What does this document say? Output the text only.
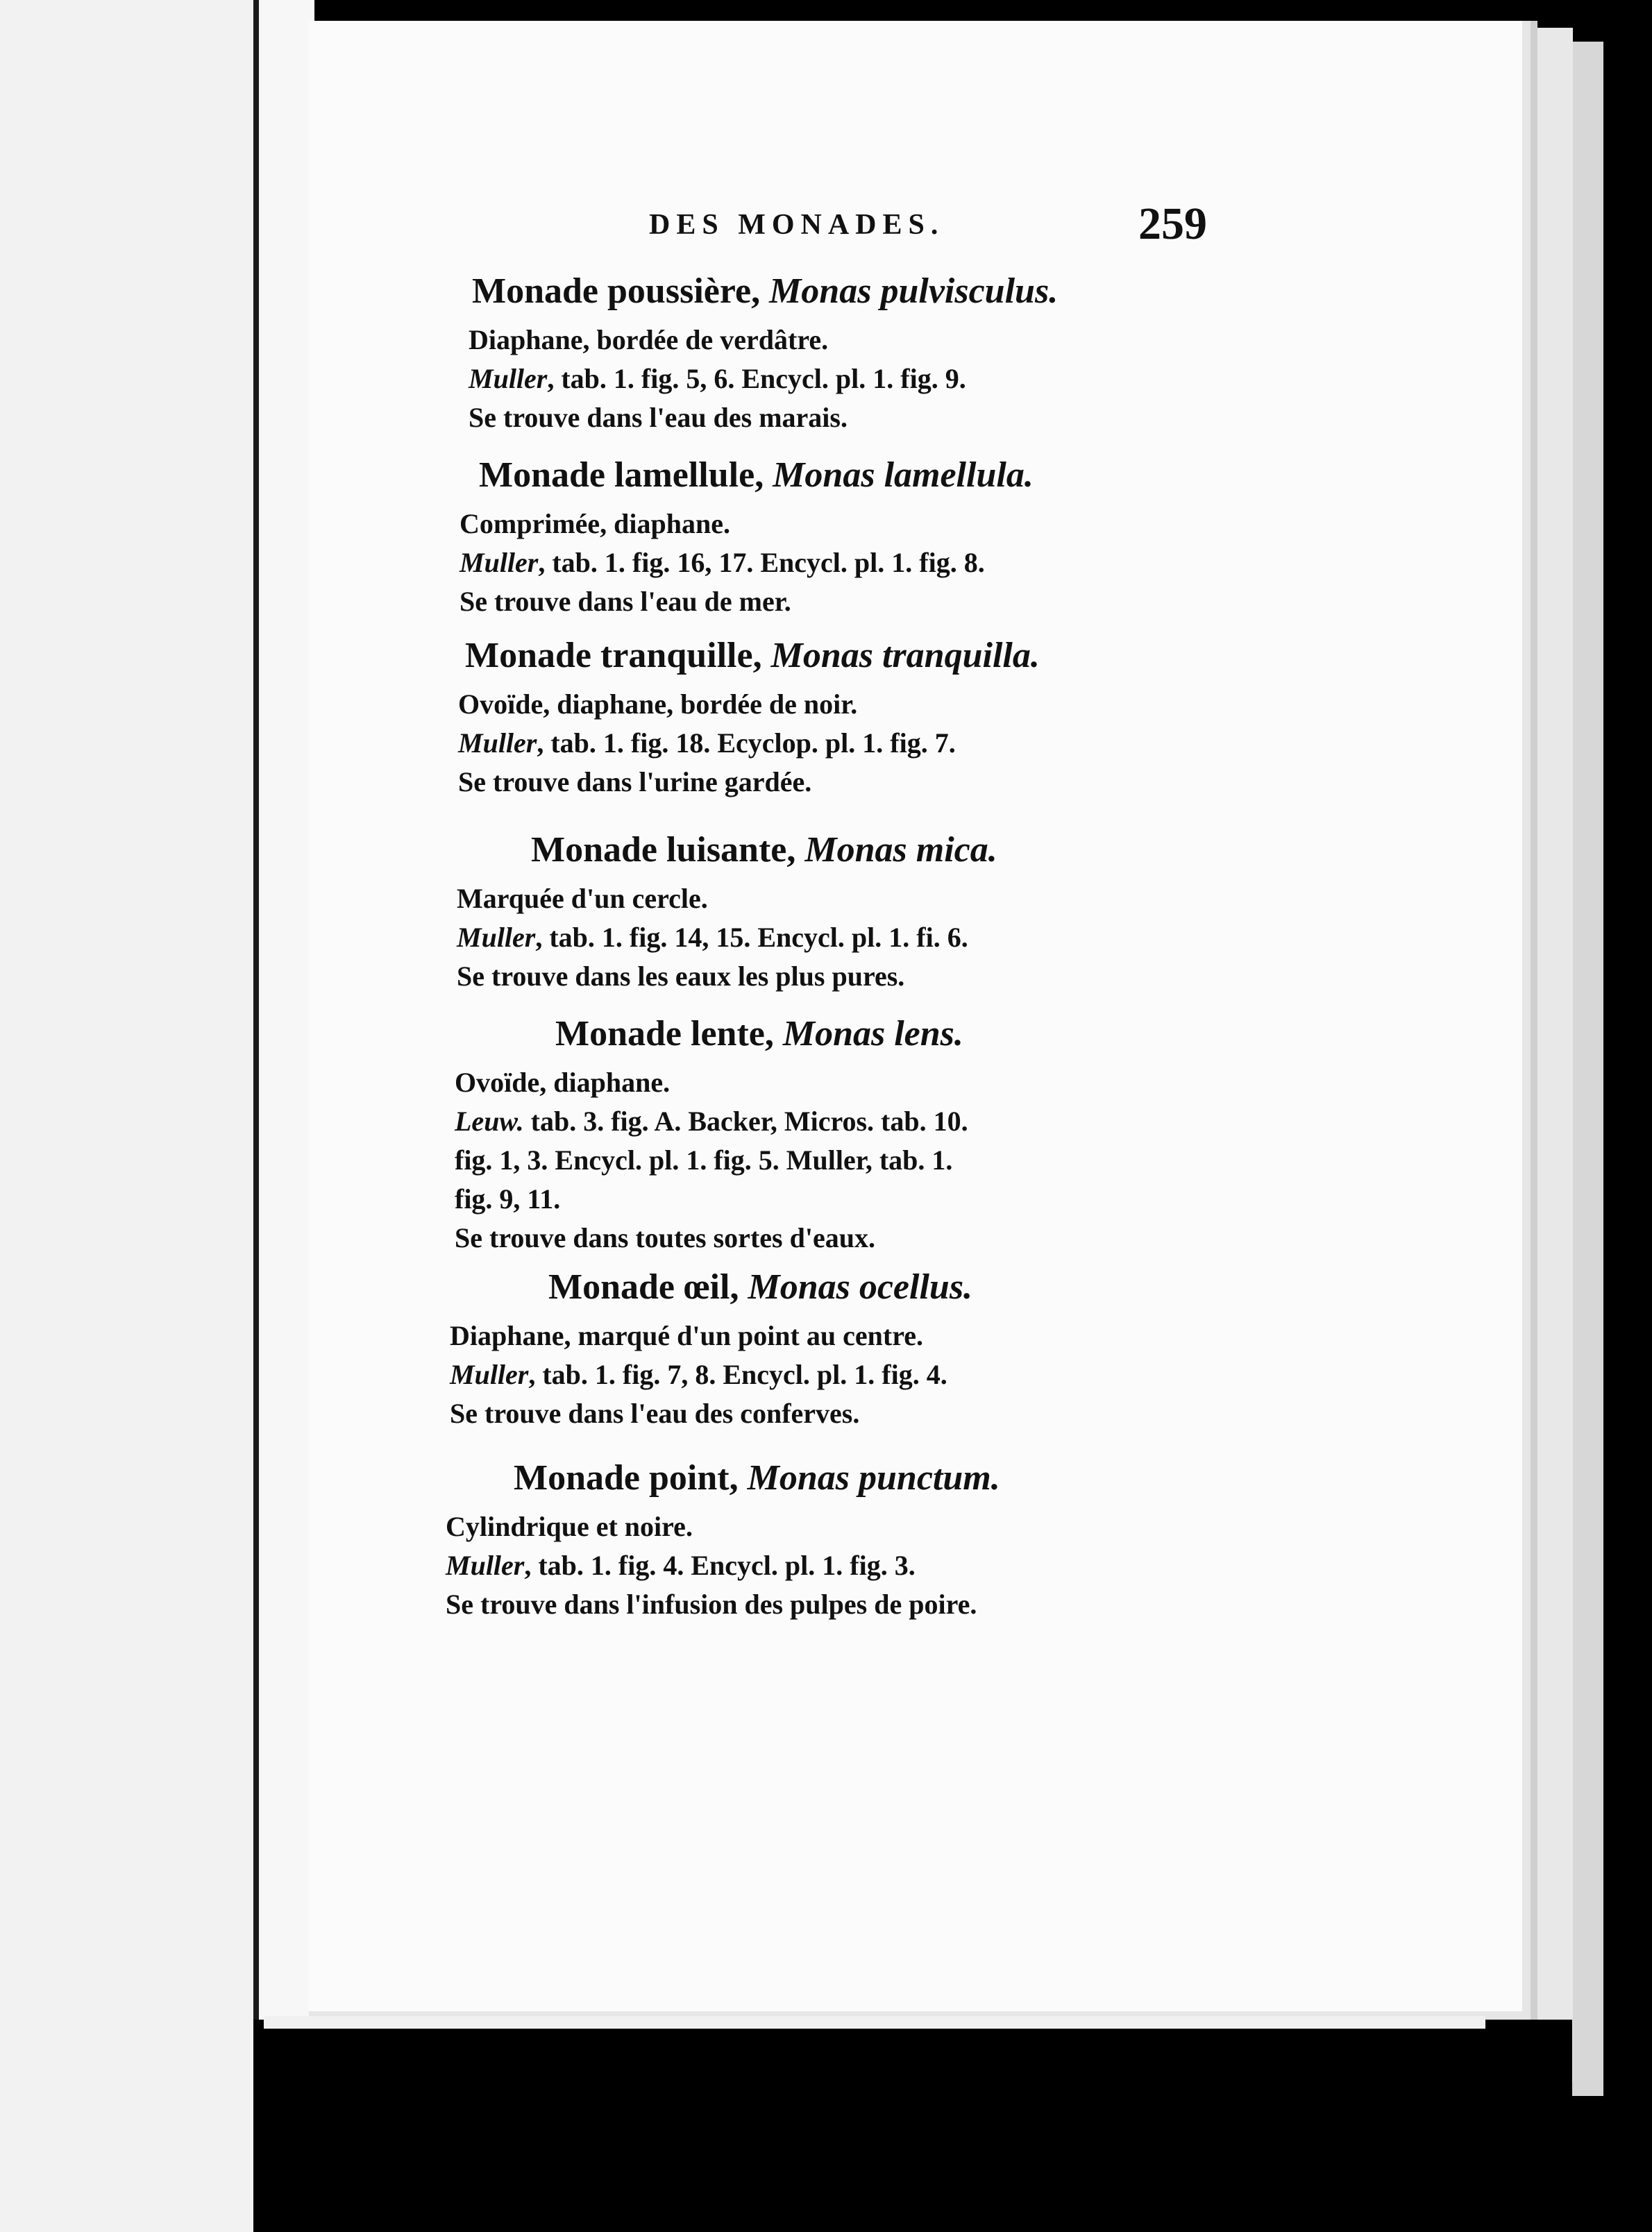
DES MONADES.	259
Monade poussière, Monas pulvisculus.
Diaphane, bordée de verdâtre.
Muller, tab. 1. fig. 5, 6. Encycl. pl. 1. fig. 9.
Se trouve dans l'eau des marais.
Monade lamellule, Monas lamellula.
Comprimée, diaphane.
Muller, tab. 1. fig. 16, 17. Encycl. pl. 1. fig. 8.
Se trouve dans l'eau de mer.
Monade tranquille, Monas tranquilla.
Ovoïde, diaphane, bordée de noir.
Muller, tab. 1. fig. 18. Ecyclop. pl. 1. fig. 7.
Se trouve dans l'urine gardée.
Monade luisante, Monas mica.
Marquée d'un cercle.
Muller, tab. 1. fig. 14, 15. Encycl. pl. 1. fi. 6.
Se trouve dans les eaux les plus pures.
Monade lente, Monas lens.
Ovoïde, diaphane.
Leuw. tab. 3. fig. A. Backer, Micros. tab. 10.
fig. 1, 3. Encycl. pl. 1. fig. 5. Muller, tab. 1.
fig. 9, 11.
Se trouve dans toutes sortes d'eaux.
Monade œil, Monas ocellus.
Diaphane, marqué d'un point au centre.
Muller, tab. 1. fig. 7, 8. Encycl. pl. 1. fig. 4.
Se trouve dans l'eau des conferves.
Monade point, Monas punctum.
Cylindrique et noire.
Muller, tab. 1. fig. 4. Encycl. pl. 1. fig. 3.
Se trouve dans l'infusion des pulpes de poire.
